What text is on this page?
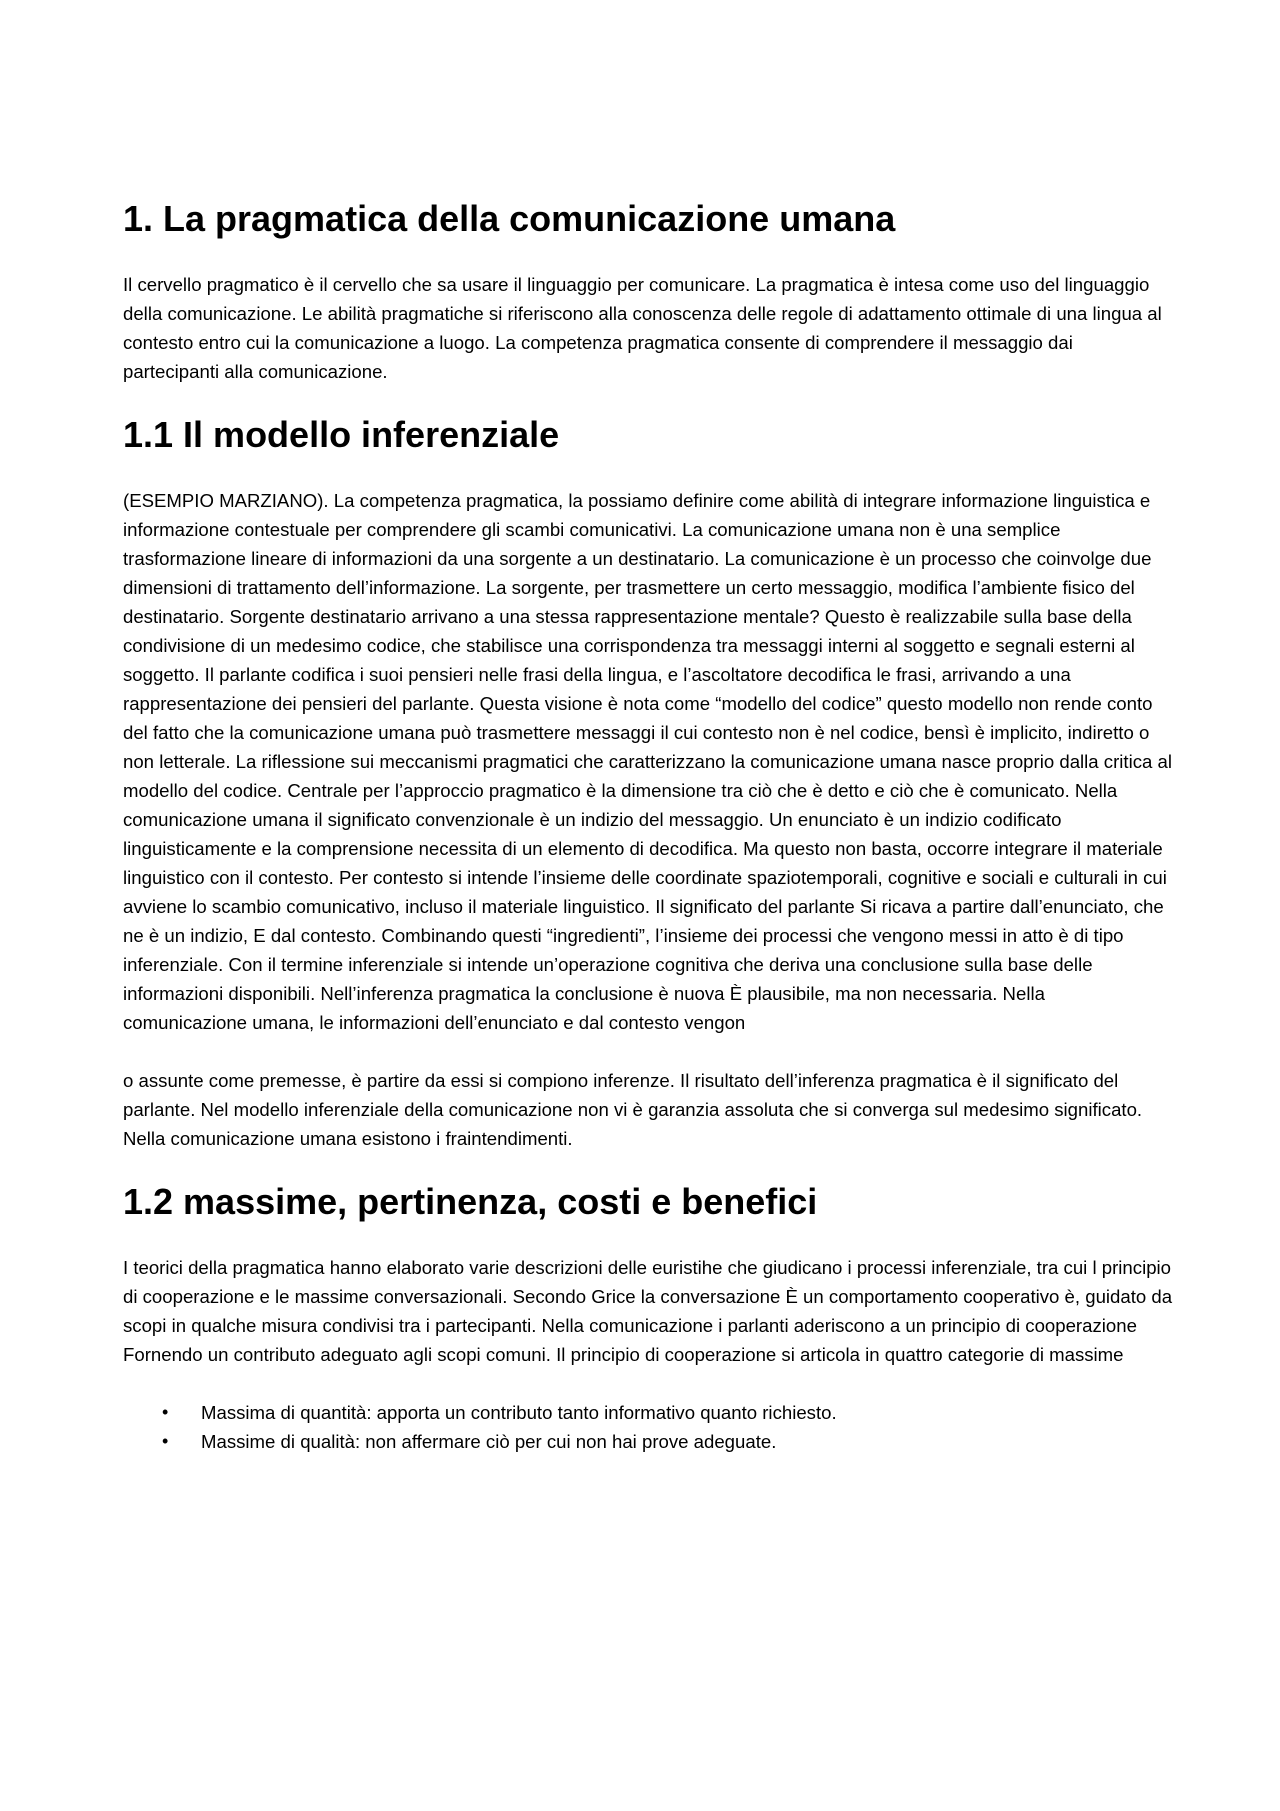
1. La pragmatica della comunicazione umana

Il cervello pragmatico è il cervello che sa usare il linguaggio per comunicare. La pragmatica è intesa come uso del linguaggio della comunicazione. Le abilità pragmatiche si riferiscono alla conoscenza delle regole di adattamento ottimale di una lingua al contesto entro cui la comunicazione a luogo. La competenza pragmatica consente di comprendere il messaggio dai partecipanti alla comunicazione.

1.1 Il modello inferenziale

(ESEMPIO MARZIANO). La competenza pragmatica, la possiamo definire come abilità di integrare informazione linguistica e informazione contestuale per comprendere gli scambi comunicativi. La comunicazione umana non è una semplice trasformazione lineare di informazioni da una sorgente a un destinatario. La comunicazione è un processo che coinvolge due dimensioni di trattamento dell’informazione. La sorgente, per trasmettere un certo messaggio, modifica l’ambiente fisico del destinatario. Sorgente destinatario arrivano a una stessa rappresentazione mentale? Questo è realizzabile sulla base della condivisione di un medesimo codice, che stabilisce una corrispondenza tra messaggi interni al soggetto e segnali esterni al soggetto. Il parlante codifica i suoi pensieri nelle frasi della lingua, e l’ascoltatore decodifica le frasi, arrivando a una rappresentazione dei pensieri del parlante. Questa visione è nota come “modello del codice” questo modello non rende conto del fatto che la comunicazione umana può trasmettere messaggi il cui contesto non è nel codice, bensì è implicito, indiretto o non letterale. La riflessione sui meccanismi pragmatici che caratterizzano la comunicazione umana nasce proprio dalla critica al modello del codice. Centrale per l’approccio pragmatico è la dimensione tra ciò che è detto e ciò che è comunicato. Nella comunicazione umana il significato convenzionale è un indizio del messaggio. Un enunciato è un indizio codificato linguisticamente e la comprensione necessita di un elemento di decodifica. Ma questo non basta, occorre integrare il materiale linguistico con il contesto. Per contesto si intende l’insieme delle coordinate spaziotemporali, cognitive e sociali e culturali in cui avviene lo scambio comunicativo, incluso il materiale linguistico. Il significato del parlante Si ricava a partire dall’enunciato, che ne è un indizio, E dal contesto. Combinando questi “ingredienti”, l’insieme dei processi che vengono messi in atto è di tipo inferenziale. Con il termine inferenziale si intende un’operazione cognitiva che deriva una conclusione sulla base delle informazioni disponibili. Nell’inferenza pragmatica la conclusione è nuova È plausibile, ma non necessaria. Nella comunicazione umana, le informazioni dell’enunciato e dal contesto vengon

o assunte come premesse, è partire da essi si compiono inferenze. Il risultato dell’inferenza pragmatica è il significato del parlante. Nel modello inferenziale della comunicazione non vi è garanzia assoluta che si converga sul medesimo significato. Nella comunicazione umana esistono i fraintendimenti.

1.2 massime, pertinenza, costi e benefici

I teorici della pragmatica hanno elaborato varie descrizioni delle euristihe che giudicano i processi inferenziale, tra cui l principio di cooperazione e le massime conversazionali. Secondo Grice la conversazione È un comportamento cooperativo è, guidato da scopi in qualche misura condivisi tra i partecipanti. Nella comunicazione i parlanti aderiscono a un principio di cooperazione Fornendo un contributo adeguato agli scopi comuni. Il principio di cooperazione si articola in quattro categorie di massime

• Massima di quantità: apporta un contributo tanto informativo quanto richiesto.
• Massime di qualità: non affermare ciò per cui non hai prove adeguate.
